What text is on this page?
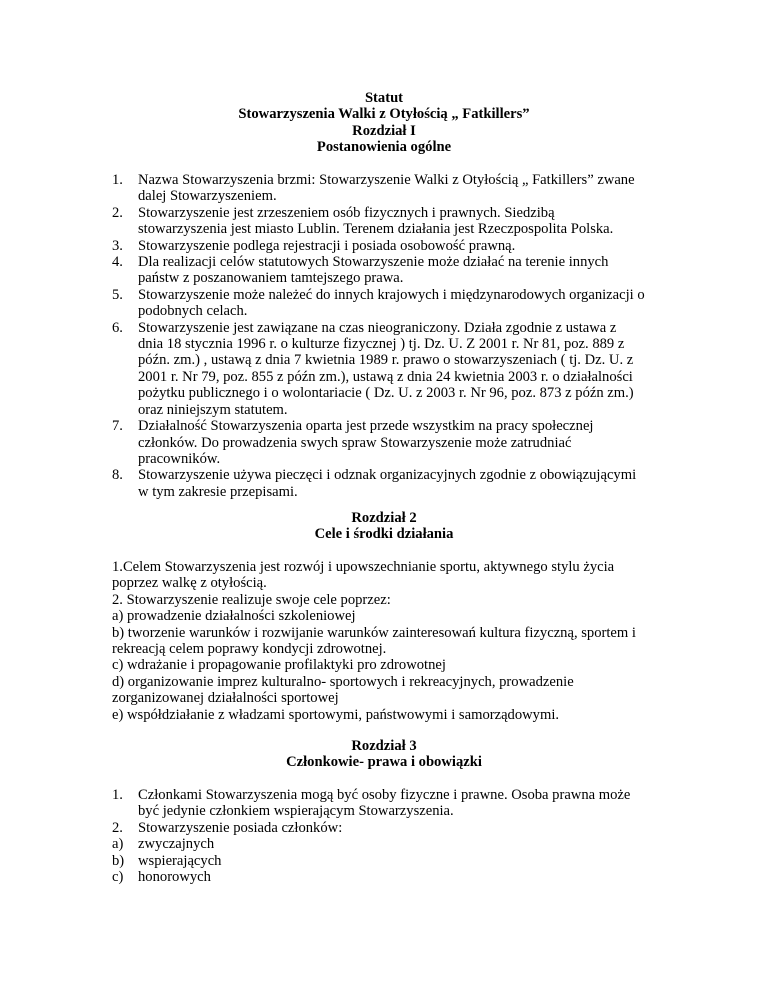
Statut
Stowarzyszenia Walki z Otyłością „ Fatkillers”
Rozdział I
Postanowienia ogólne
1. Nazwa Stowarzyszenia brzmi: Stowarzyszenie Walki z Otyłością „ Fatkillers” zwane
dalej Stowarzyszeniem.
2. Stowarzyszenie jest zrzeszeniem osób fizycznych i prawnych. Siedzibą
stowarzyszenia jest miasto Lublin. Terenem działania jest Rzeczpospolita Polska.
3. Stowarzyszenie podlega rejestracji i posiada osobowość prawną.
4. Dla realizacji celów statutowych Stowarzyszenie może działać na terenie innych
państw z poszanowaniem tamtejszego prawa.
5. Stowarzyszenie może należeć do innych krajowych i międzynarodowych organizacji o
podobnych celach.
6. Stowarzyszenie jest zawiązane na czas nieograniczony. Działa zgodnie z ustawa z
dnia 18 stycznia 1996 r. o kulturze fizycznej ) tj. Dz. U. Z 2001 r. Nr 81, poz. 889 z
późn. zm.) , ustawą z dnia 7 kwietnia 1989 r. prawo o stowarzyszeniach ( tj. Dz. U. z
2001 r. Nr 79, poz. 855 z późn zm.), ustawą z dnia 24 kwietnia 2003 r. o działalności
pożytku publicznego i o wolontariacie ( Dz. U. z 2003 r. Nr 96, poz. 873 z późn zm.)
oraz niniejszym statutem.
7. Działalność Stowarzyszenia oparta jest przede wszystkim na pracy społecznej
członków. Do prowadzenia swych spraw Stowarzyszenie może zatrudniać
pracowników.
8. Stowarzyszenie używa pieczęci i odznak organizacyjnych zgodnie z obowiązującymi
w tym zakresie przepisami.
Rozdział 2
Cele i środki działania
1.Celem Stowarzyszenia jest rozwój i upowszechnianie sportu, aktywnego stylu życia
poprzez walkę z otyłością.
2. Stowarzyszenie realizuje swoje cele poprzez:
a) prowadzenie działalności szkoleniowej
b) tworzenie warunków i rozwijanie warunków zainteresowań kultura fizyczną, sportem i
rekreacją celem poprawy kondycji zdrowotnej.
c) wdrażanie i propagowanie profilaktyki pro zdrowotnej
d) organizowanie imprez kulturalno- sportowych i rekreacyjnych, prowadzenie
zorganizowanej działalności sportowej
e) współdziałanie z władzami sportowymi, państwowymi i samorządowymi.
Rozdział 3
Członkowie- prawa i obowiązki
1. Członkami Stowarzyszenia mogą być osoby fizyczne i prawne. Osoba prawna może
być jedynie członkiem wspierającym Stowarzyszenia.
2. Stowarzyszenie posiada członków:
a) zwyczajnych
b) wspierających
c) honorowych
